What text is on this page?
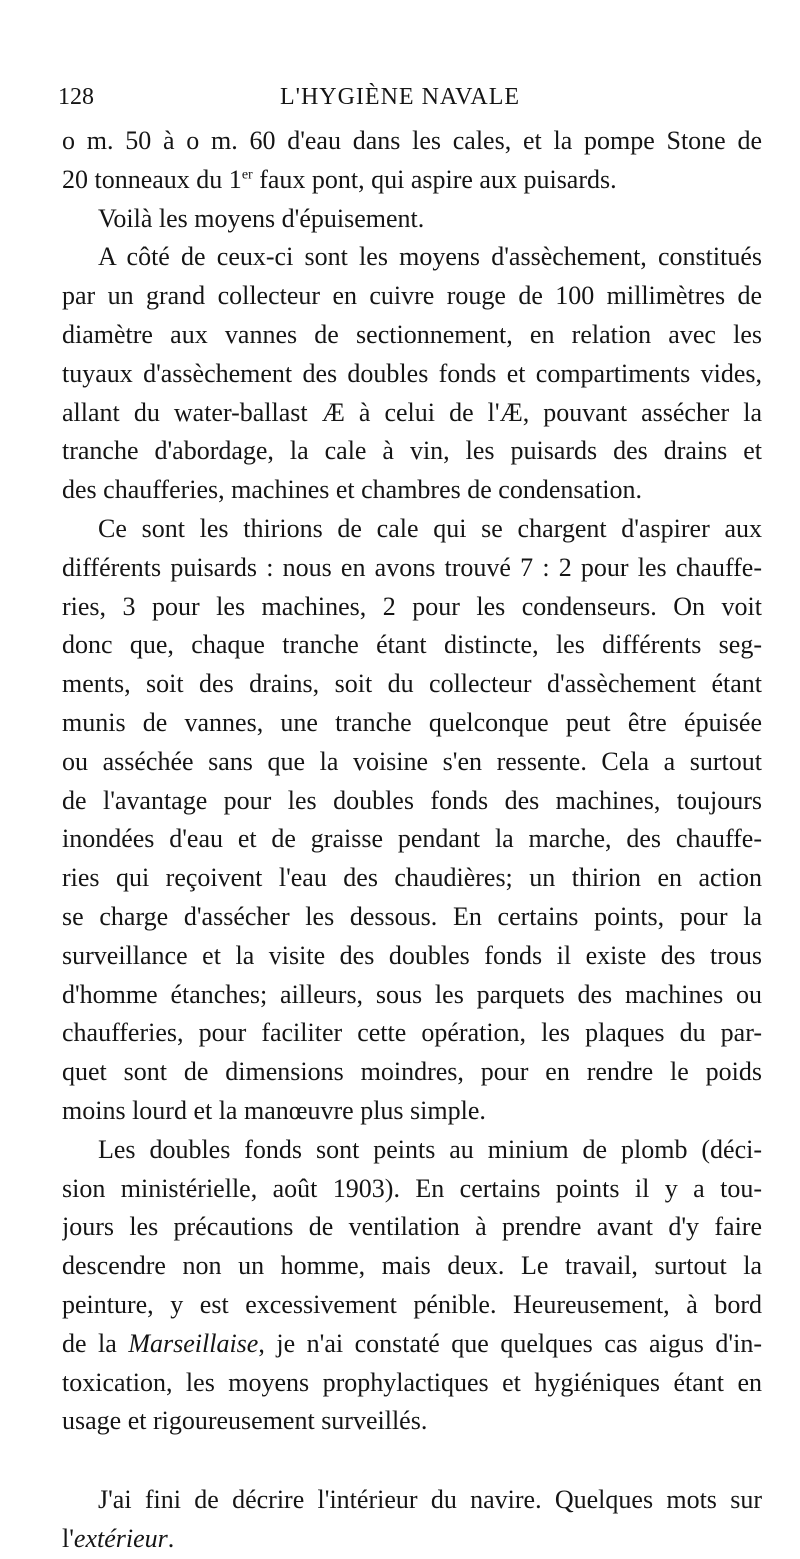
128	L'HYGIÈNE NAVALE
o m. 50 à o m. 60 d'eau dans les cales, et la pompe Stone de
20 tonneaux du 1er faux pont, qui aspire aux puisards.
Voilà les moyens d'épuisement.
A côté de ceux-ci sont les moyens d'assèchement, constitués
par un grand collecteur en cuivre rouge de 100 millimètres de
diamètre aux vannes de sectionnement, en relation avec les
tuyaux d'assèchement des doubles fonds et compartiments vides,
allant du water-ballast Æ à celui de l'Æ, pouvant assécher la
tranche d'abordage, la cale à vin, les puisards des drains et
des chaufferies, machines et chambres de condensation.
Ce sont les thirions de cale qui se chargent d'aspirer aux
différents puisards : nous en avons trouvé 7 : 2 pour les chauffe-
ries, 3 pour les machines, 2 pour les condenseurs. On voit
donc que, chaque tranche étant distincte, les différents seg-
ments, soit des drains, soit du collecteur d'assèchement étant
munis de vannes, une tranche quelconque peut être épuisée
ou asséchée sans que la voisine s'en ressente. Cela a surtout
de l'avantage pour les doubles fonds des machines, toujours
inondées d'eau et de graisse pendant la marche, des chauffe-
ries qui reçoivent l'eau des chaudières; un thirion en action
se charge d'assécher les dessous. En certains points, pour la
surveillance et la visite des doubles fonds il existe des trous
d'homme étanches; ailleurs, sous les parquets des machines ou
chaufferies, pour faciliter cette opération, les plaques du par-
quet sont de dimensions moindres, pour en rendre le poids
moins lourd et la manœuvre plus simple.
Les doubles fonds sont peints au minium de plomb (déci-
sion ministérielle, août 1903). En certains points il y a tou-
jours les précautions de ventilation à prendre avant d'y faire
descendre non un homme, mais deux. Le travail, surtout la
peinture, y est excessivement pénible. Heureusement, à bord
de la Marseillaise, je n'ai constaté que quelques cas aigus d'in-
toxication, les moyens prophylactiques et hygiéniques étant en
usage et rigoureusement surveillés.
J'ai fini de décrire l'intérieur du navire. Quelques mots sur
l'extérieur.
